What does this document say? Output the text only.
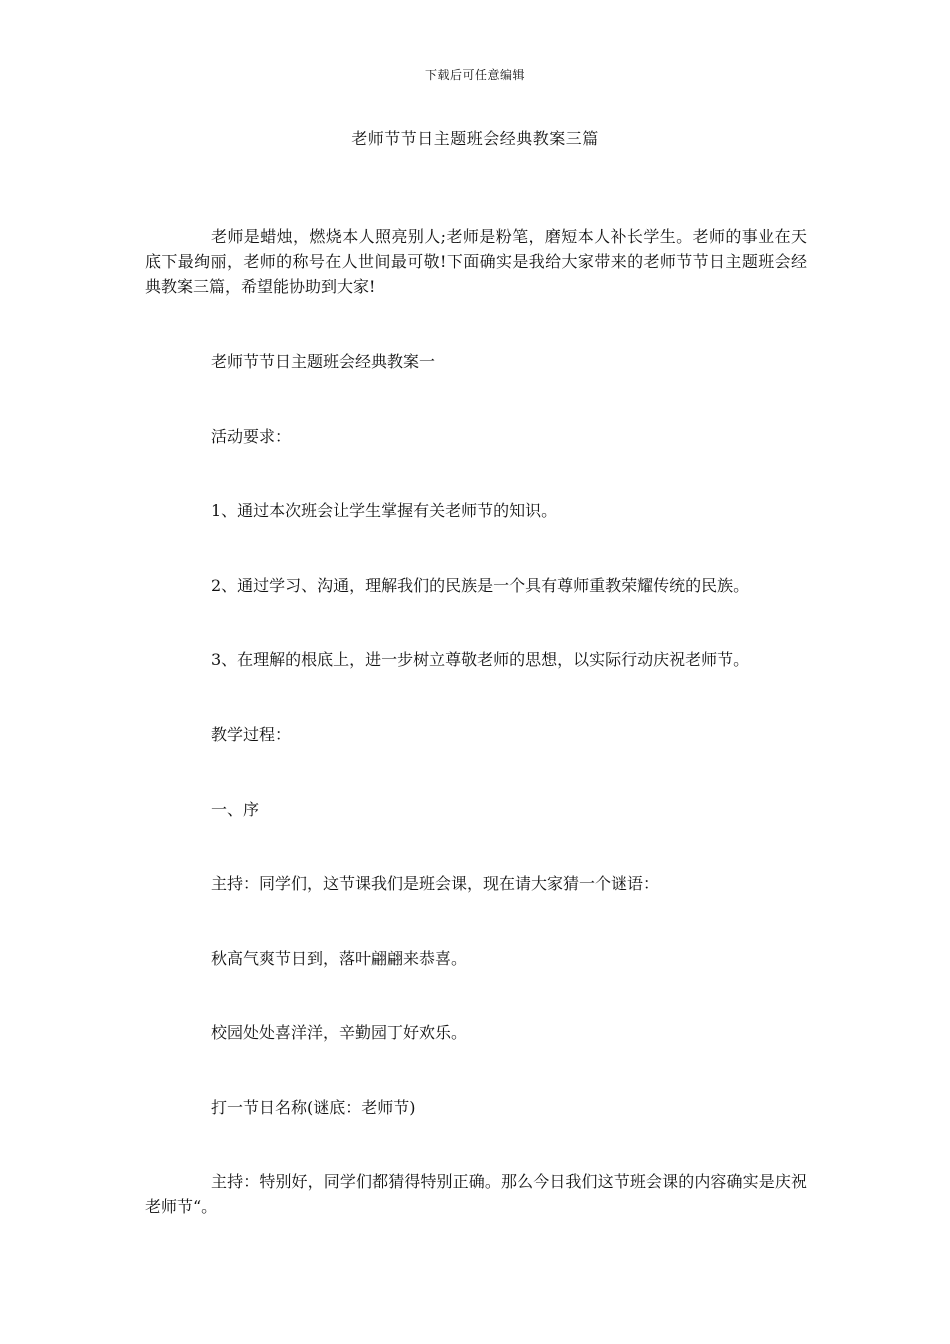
下载后可任意编辑
老师节节日主题班会经典教案三篇
老师是蜡烛，燃烧本人照亮别人;老师是粉笔，磨短本人补长学生。老师的事业在天底下最绚丽，老师的称号在人世间最可敬!下面确实是我给大家带来的老师节节日主题班会经典教案三篇，希望能协助到大家!
老师节节日主题班会经典教案一
活动要求：
1、通过本次班会让学生掌握有关老师节的知识。
2、通过学习、沟通，理解我们的民族是一个具有尊师重教荣耀传统的民族。
3、在理解的根底上，进一步树立尊敬老师的思想，以实际行动庆祝老师节。
教学过程：
一、序
主持：同学们，这节课我们是班会课，现在请大家猜一个谜语：
秋高气爽节日到，落叶翩翩来恭喜。
校园处处喜洋洋，辛勤园丁好欢乐。
打一节日名称(谜底：老师节)
主持：特别好，同学们都猜得特别正确。那么今日我们这节班会课的内容确实是庆祝老师节“。
